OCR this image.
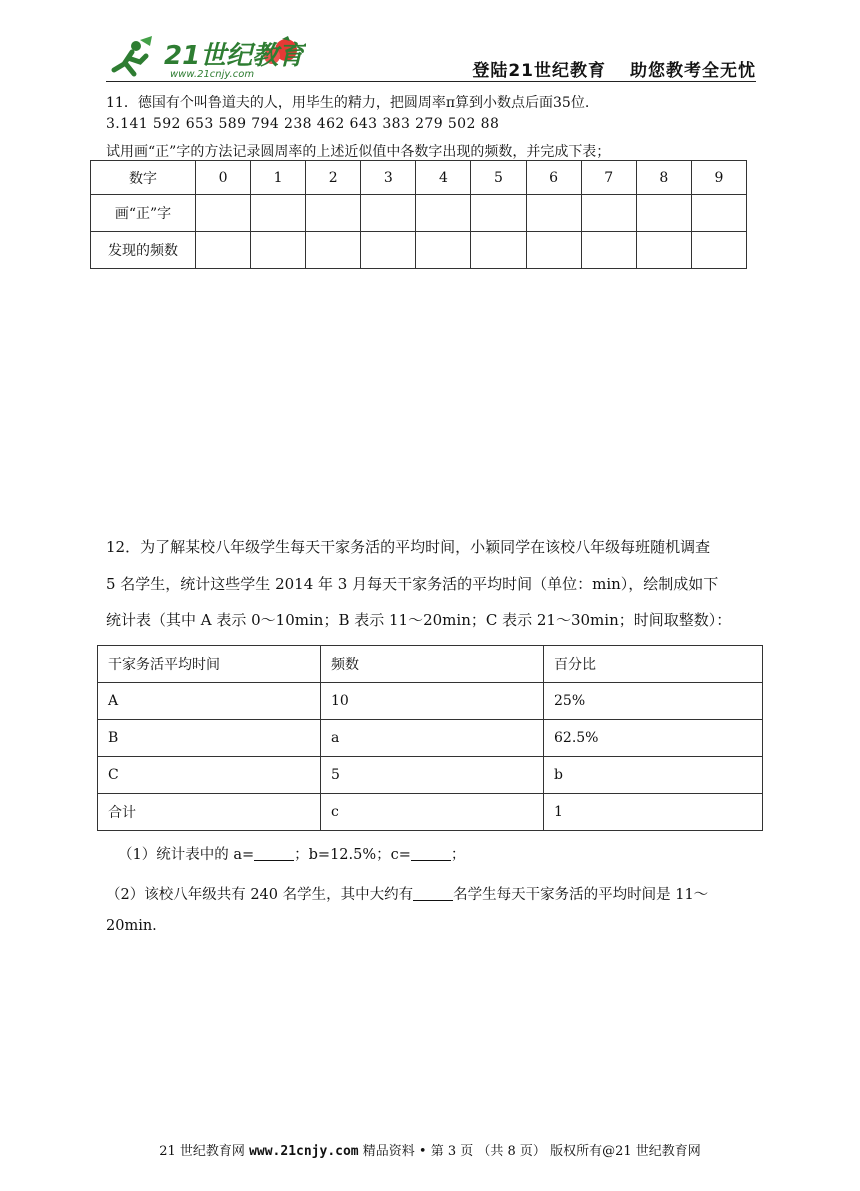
21世纪教育
www.21cnjy.com	登陆21世纪教育 助您教考全无忧
11．德国有个叫鲁道夫的人，用毕生的精力，把圆周率π算到小数点后面35位.
3.141 592 653 589 794 238 462 643 383 279 502 88
试用画“正”字的方法记录圆周率的上述近似值中各数字出现的频数，并完成下表；
数字	0	1	2	3	4	5	6	7	8	9
画“正”字										
发现的频数										
12．为了解某校八年级学生每天干家务活的平均时间，小颖同学在该校八年级每班随机调查
5 名学生，统计这些学生 2014 年 3 月每天干家务活的平均时间（单位：min），绘制成如下
统计表（其中 A 表示 0～10min；B 表示 11～20min；C 表示 21～30min；时间取整数）：
干家务活平均时间	频数	百分比
A	10	25%
B	a	62.5%
C	5	b
合计	c	1
（1）统计表中的 a=	；b=12.5%；c=	；
（2）该校八年级共有 240 名学生，其中大约有	名学生每天干家务活的平均时间是 11～
20min.
21 世纪教育网 www.21cnjy.com 精品资料 • 第 3 页 （共 8 页） 版权所有@21 世纪教育网
